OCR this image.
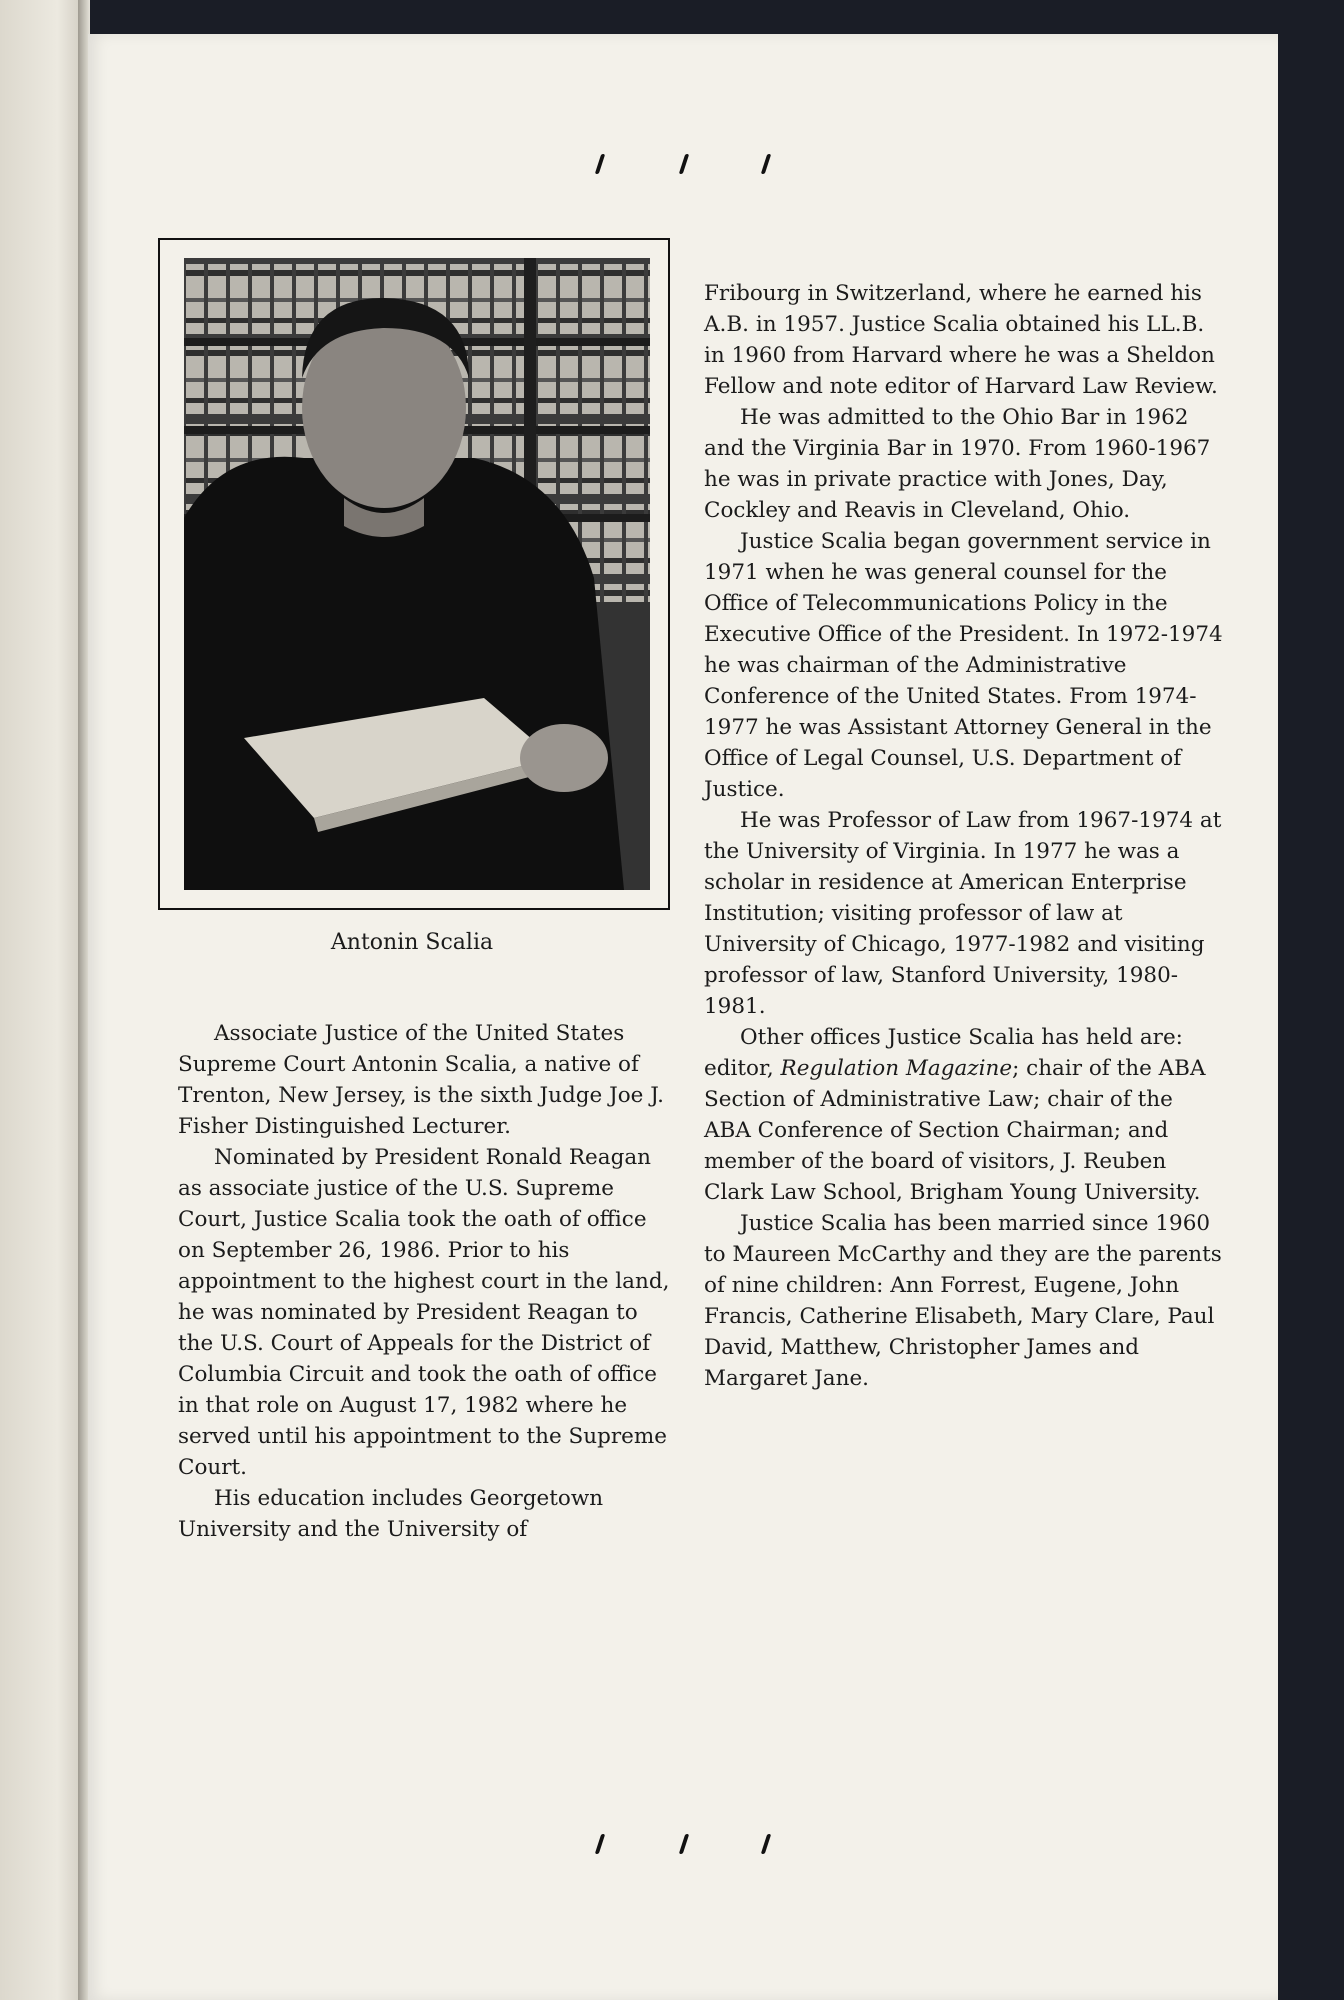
Antonin Scalia

Associate Justice of the United States Supreme Court Antonin Scalia, a native of Trenton, New Jersey, is the sixth Judge Joe J. Fisher Distinguished Lecturer.

Nominated by President Ronald Reagan as associate justice of the U.S. Supreme Court, Justice Scalia took the oath of office on September 26, 1986. Prior to his appointment to the highest court in the land, he was nominated by President Reagan to the U.S. Court of Appeals for the District of Columbia Circuit and took the oath of office in that role on August 17, 1982 where he served until his appointment to the Supreme Court.

His education includes Georgetown University and the University of

Fribourg in Switzerland, where he earned his A.B. in 1957. Justice Scalia obtained his LL.B. in 1960 from Harvard where he was a Sheldon Fellow and note editor of Harvard Law Review.

He was admitted to the Ohio Bar in 1962 and the Virginia Bar in 1970. From 1960-1967 he was in private practice with Jones, Day, Cockley and Reavis in Cleveland, Ohio.

Justice Scalia began government service in 1971 when he was general counsel for the Office of Telecommunications Policy in the Executive Office of the President. In 1972-1974 he was chairman of the Administrative Conference of the United States. From 1974-1977 he was Assistant Attorney General in the Office of Legal Counsel, U.S. Department of Justice.

He was Professor of Law from 1967-1974 at the University of Virginia. In 1977 he was a scholar in residence at American Enterprise Institution; visiting professor of law at University of Chicago, 1977-1982 and visiting professor of law, Stanford University, 1980-1981.

Other offices Justice Scalia has held are: editor, Regulation Magazine; chair of the ABA Section of Administrative Law; chair of the ABA Conference of Section Chairman; and member of the board of visitors, J. Reuben Clark Law School, Brigham Young University.

Justice Scalia has been married since 1960 to Maureen McCarthy and they are the parents of nine children: Ann Forrest, Eugene, John Francis, Catherine Elisabeth, Mary Clare, Paul David, Matthew, Christopher James and Margaret Jane.
